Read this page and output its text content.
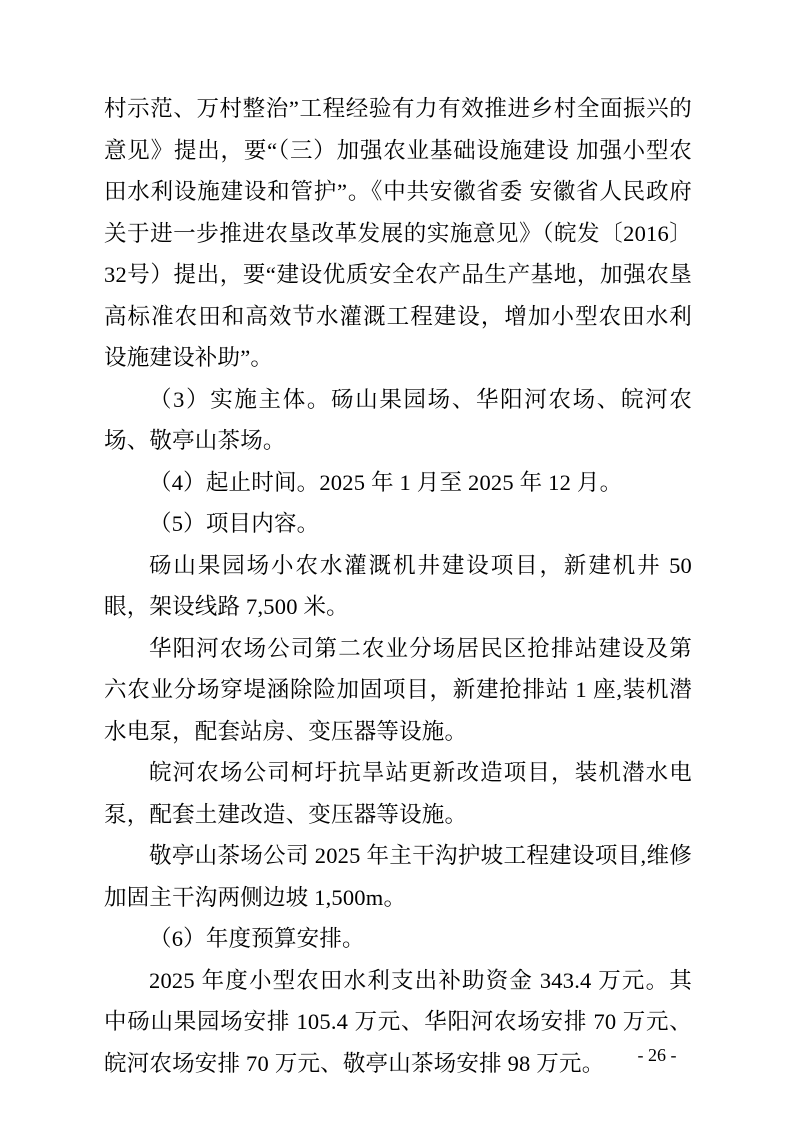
村示范、万村整治”工程经验有力有效推进乡村全面振兴的意见》提出，要“（三）加强农业基础设施建设 加强小型农田水利设施建设和管护”。《中共安徽省委 安徽省人民政府关于进一步推进农垦改革发展的实施意见》（皖发〔2016〕32号）提出，要“建设优质安全农产品生产基地，加强农垦高标准农田和高效节水灌溉工程建设，增加小型农田水利设施建设补助”。

（3）实施主体。砀山果园场、华阳河农场、皖河农场、敬亭山茶场。

（4）起止时间。2025 年 1 月至 2025 年 12 月。

（5）项目内容。

砀山果园场小农水灌溉机井建设项目，新建机井 50 眼，架设线路 7,500 米。

华阳河农场公司第二农业分场居民区抢排站建设及第六农业分场穿堤涵除险加固项目，新建抢排站 1 座,装机潜水电泵，配套站房、变压器等设施。

皖河农场公司柯圩抗旱站更新改造项目，装机潜水电泵，配套土建改造、变压器等设施。

敬亭山茶场公司 2025 年主干沟护坡工程建设项目,维修加固主干沟两侧边坡 1,500m。

（6）年度预算安排。

2025 年度小型农田水利支出补助资金 343.4 万元。其中砀山果园场安排 105.4 万元、华阳河农场安排 70 万元、皖河农场安排 70 万元、敬亭山茶场安排 98 万元。	- 26 -
